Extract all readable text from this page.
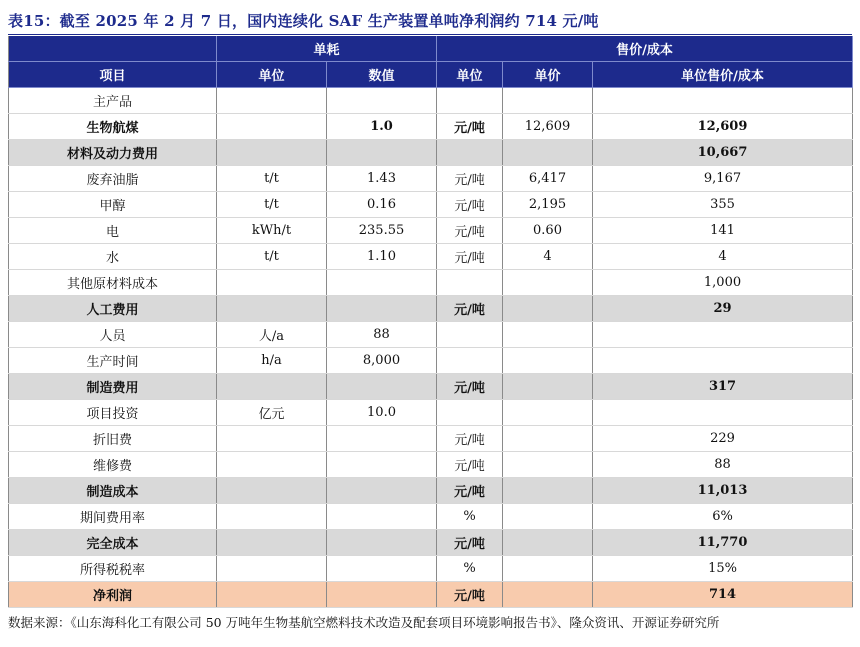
表15：截至 2025 年 2 月 7 日，国内连续化 SAF 生产装置单吨净利润约 714 元/吨
	单耗		售价/成本		
项目	单位	数值	单位	单价	单位售价/成本
主产品					
生物航煤		1.0	元/吨	12,609	12,609
材料及动力费用					10,667
废弃油脂	t/t	1.43	元/吨	6,417	9,167
甲醇	t/t	0.16	元/吨	2,195	355
电	kWh/t	235.55	元/吨	0.60	141
水	t/t	1.10	元/吨	4	4
其他原材料成本					1,000
人工费用			元/吨		29
人员	人/a	88			
生产时间	h/a	8,000			
制造费用			元/吨		317
项目投资	亿元	10.0			
折旧费			元/吨		229
维修费			元/吨		88
制造成本			元/吨		11,013
期间费用率			%		6%
完全成本			元/吨		11,770
所得税税率			%		15%
净利润			元/吨		714
数据来源：《山东海科化工有限公司 50 万吨年生物基航空燃料技术改造及配套项目环境影响报告书》、隆众资讯、开源证券研究所
